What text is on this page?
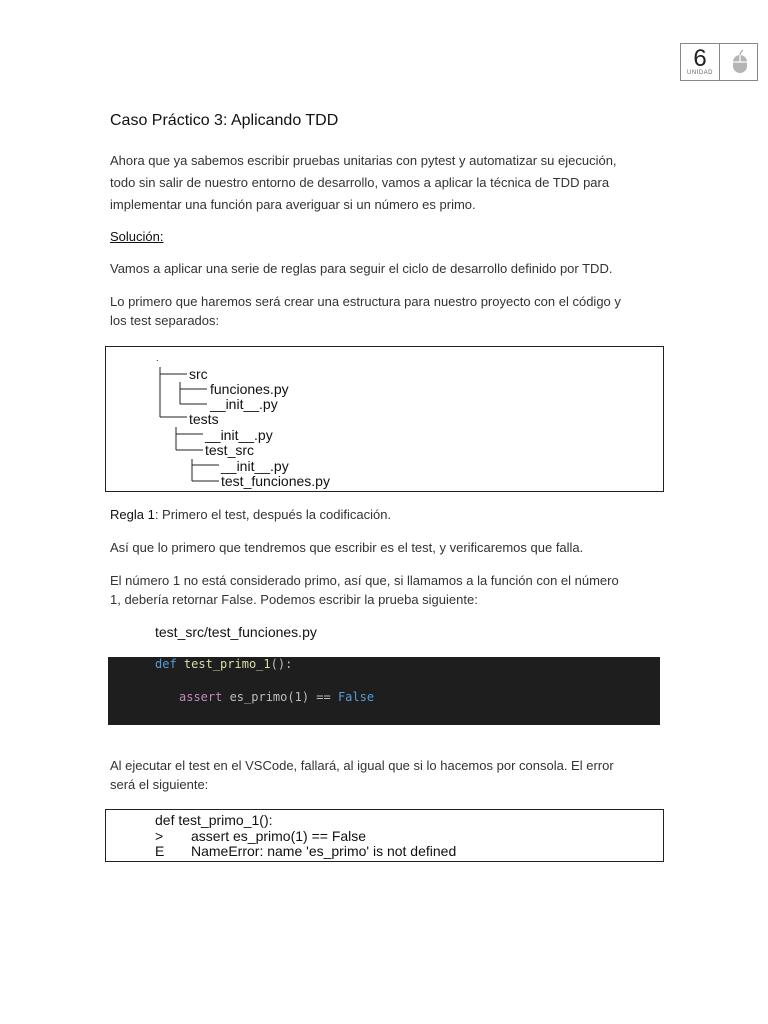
6
UNIDAD
Caso Práctico 3: Aplicando TDD
Ahora que ya sabemos escribir pruebas unitarias con pytest y automatizar su ejecución,
todo sin salir de nuestro entorno de desarrollo, vamos a aplicar la técnica de TDD para
implementar una función para averiguar si un número es primo.
Solución:
Vamos a aplicar una serie de reglas para seguir el ciclo de desarrollo definido por TDD.
Lo primero que haremos será crear una estructura para nuestro proyecto con el código y
los test separados:
.
src
funciones.py
__init__.py
tests
__init__.py
test_src
__init__.py
test_funciones.py
Regla 1: Primero el test, después la codificación.
Así que lo primero que tendremos que escribir es el test, y verificaremos que falla.
El número 1 no está considerado primo, así que, si llamamos a la función con el número
1, debería retornar False. Podemos escribir la prueba siguiente:
test_src/test_funciones.py
def test_primo_1():
assert es_primo(1) == False
Al ejecutar el test en el VSCode, fallará, al igual que si lo hacemos por consola. El error
será el siguiente:
def test_primo_1():
> assert es_primo(1) == False
E NameError: name 'es_primo' is not defined
